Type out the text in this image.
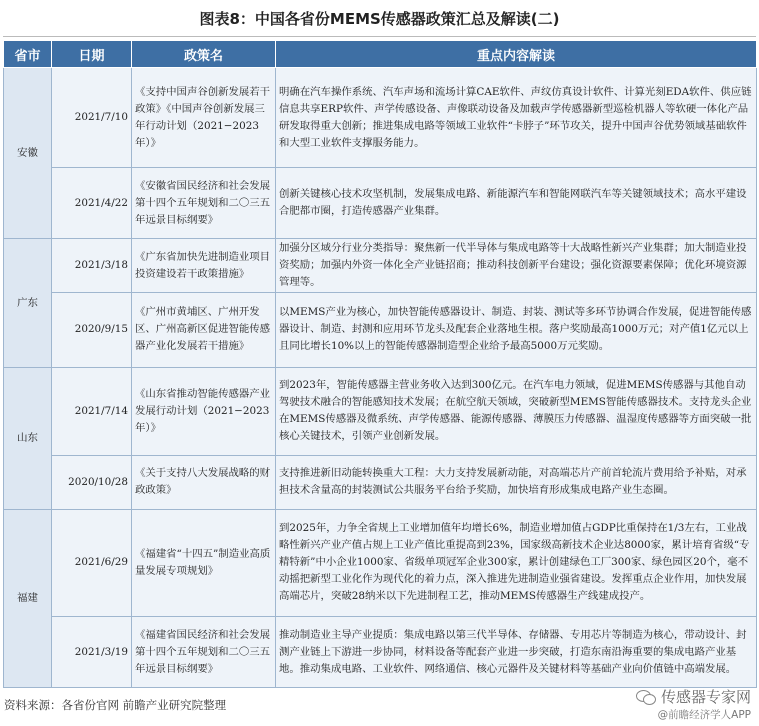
图表8：中国各省份MEMS传感器政策汇总及解读(二)
省市	日期	政策名	重点内容解读
安徽	2021/7/10	《支持中国声谷创新发展若干政策》《中国声谷创新发展三年行动计划（2021−2023年）》	明确在汽车操作系统、汽车声场和流场计算CAE软件、声纹仿真设计软件、计算光刻EDA软件、供应链信息共享ERP软件、声学传感设备、声像联动设备及加载声学传感器新型巡检机器人等软硬一体化产品研发取得重大创新；推进集成电路等领域工业软件“卡脖子”环节攻关，提升中国声谷优势领域基础软件和大型工业软件支撑服务能力。
	2021/4/22	《安徽省国民经济和社会发展第十四个五年规划和二〇三五年远景目标纲要》	创新关键核心技术攻坚机制，发展集成电路、新能源汽车和智能网联汽车等关键领域技术；高水平建设合肥都市圈，打造传感器产业集群。
广东	2021/3/18	《广东省加快先进制造业项目投资建设若干政策措施》	加强分区域分行业分类指导：聚焦新一代半导体与集成电路等十大战略性新兴产业集群；加大制造业投资奖励；加强内外资一体化全产业链招商；推动科技创新平台建设；强化资源要素保障；优化环境资源管理等。
	2020/9/15	《广州市黄埔区、广州开发区、广州高新区促进智能传感器产业化发展若干措施》	以MEMS产业为核心，加快智能传感器设计、制造、封装、测试等多环节协调合作发展，促进智能传感器设计、制造、封测和应用环节龙头及配套企业落地生根。落户奖励最高1000万元；对产值1亿元以上且同比增长10%以上的智能传感器制造型企业给予最高5000万元奖励。
山东	2021/7/14	《山东省推动智能传感器产业发展行动计划（2021−2023年）》	到2023年，智能传感器主营业务收入达到300亿元。在汽车电力领域，促进MEMS传感器与其他自动驾驶技术融合的智能感知技术发展；在航空航天领域，突破新型MEMS智能传感器技术。支持龙头企业在MEMS传感器及微系统、声学传感器、能源传感器、薄膜压力传感器、温湿度传感器等方面突破一批核心关键技术，引领产业创新发展。
	2020/10/28	《关于支持八大发展战略的财政政策》	支持推进新旧动能转换重大工程：大力支持发展新动能，对高端芯片产前首轮流片费用给予补贴，对承担技术含量高的封装测试公共服务平台给予奖励，加快培育形成集成电路产业生态圈。
福建	2021/6/29	《福建省“十四五”制造业高质量发展专项规划》	到2025年，力争全省规上工业增加值年均增长6%，制造业增加值占GDP比重保持在1/3左右，工业战略性新兴产业产值占规上工业产值比重提高到23%，国家级高新技术企业达8000家，累计培育省级“专精特新”中小企业1000家、省级单项冠军企业300家，累计创建绿色工厂300家、绿色园区20个，毫不动摇把新型工业化作为现代化的着力点，深入推进先进制造业强省建设。发挥重点企业作用，加快发展高端芯片，突破28纳米以下先进制程工艺，推动MEMS传感器生产线建成投产。
	2021/3/19	《福建省国民经济和社会发展第十四个五年规划和二〇三五年远景目标纲要》	推动制造业主导产业提质：集成电路以第三代半导体、存储器、专用芯片等制造为核心，带动设计、封测产业链上下游进一步协同，材料设备等配套产业进一步突破，打造东南沿海重要的集成电路产业基地。推动集成电路、工业软件、网络通信、核心元器件及关键材料等基础产业向价值链中高端发展。
资料来源：各省份官网 前瞻产业研究院整理	传感器专家网
@前瞻经济学人APP
